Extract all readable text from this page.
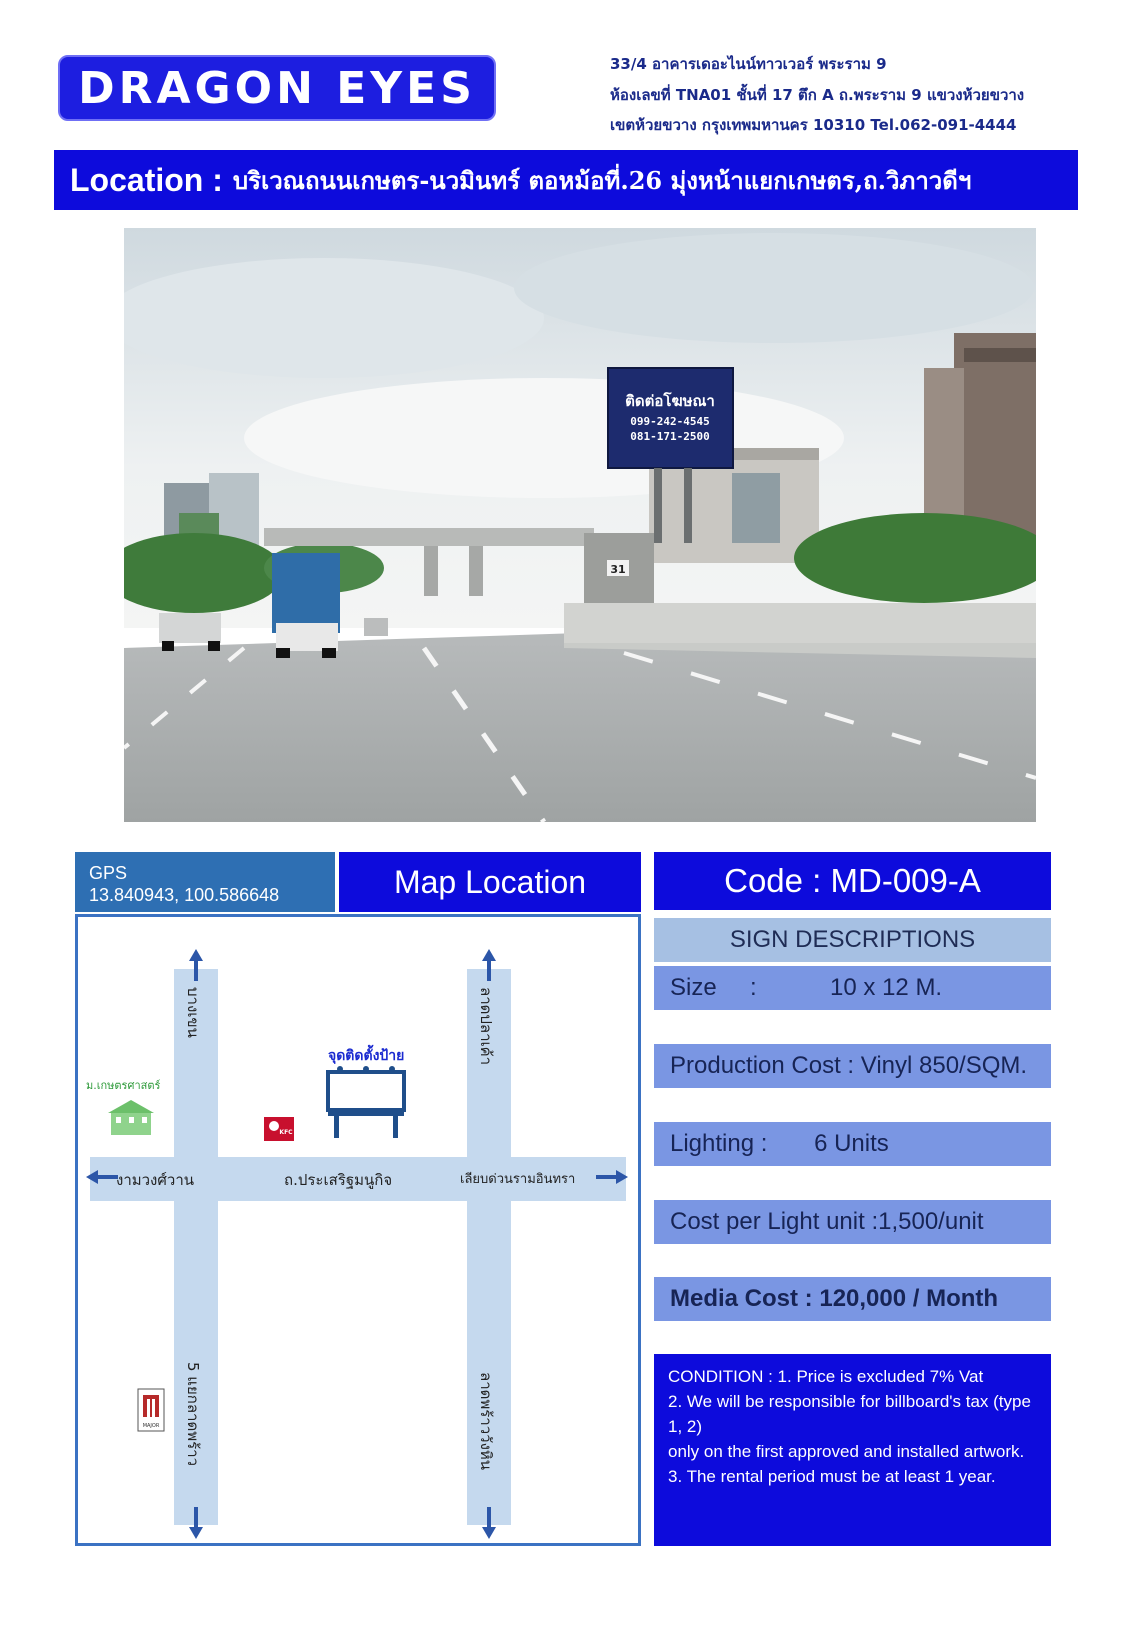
DRAGON EYES	33/4 อาคารเดอะไนน์ทาวเวอร์ พระราม 9
ห้องเลขที่ TNA01 ชั้นที่ 17 ตึก A ถ.พระราม 9 แขวงห้วยขวาง
เขตห้วยขวาง กรุงเทพมหานคร 10310 Tel.062-091-4444
Location : บริเวณถนนเกษตร-นวมินทร์ ตอหม้อที่.26 มุ่งหน้าแยกเกษตร,ถ.วิภาวดีฯ
ติดต่อโฆษณา
099-242-4545
081-171-2500
31
GPS
13.840943, 100.586648	Map Location
บางเขน
5 แยกลาดพร้าว
ลาดปลาเค้า
ลาดพร้าววังหิน
งามวงศ์วาน	ถ.ประเสริฐมนูกิจ	เลียบด่วนรามอินทรา
จุดติดตั้งป้าย
ม.เกษตรศาสตร์
KFC
MAJOR
Code : MD-009-A
SIGN DESCRIPTIONS
Size     :           10 x 12 M.
Production Cost : Vinyl 850/SQM.
Lighting :       6 Units
Cost per Light unit :1,500/unit
Media Cost : 120,000 / Month
CONDITION : 1. Price is excluded 7% Vat
2. We will be responsible for billboard's tax (type 1, 2)
only on the first approved and installed artwork.
3. The rental period must be at least 1 year.
